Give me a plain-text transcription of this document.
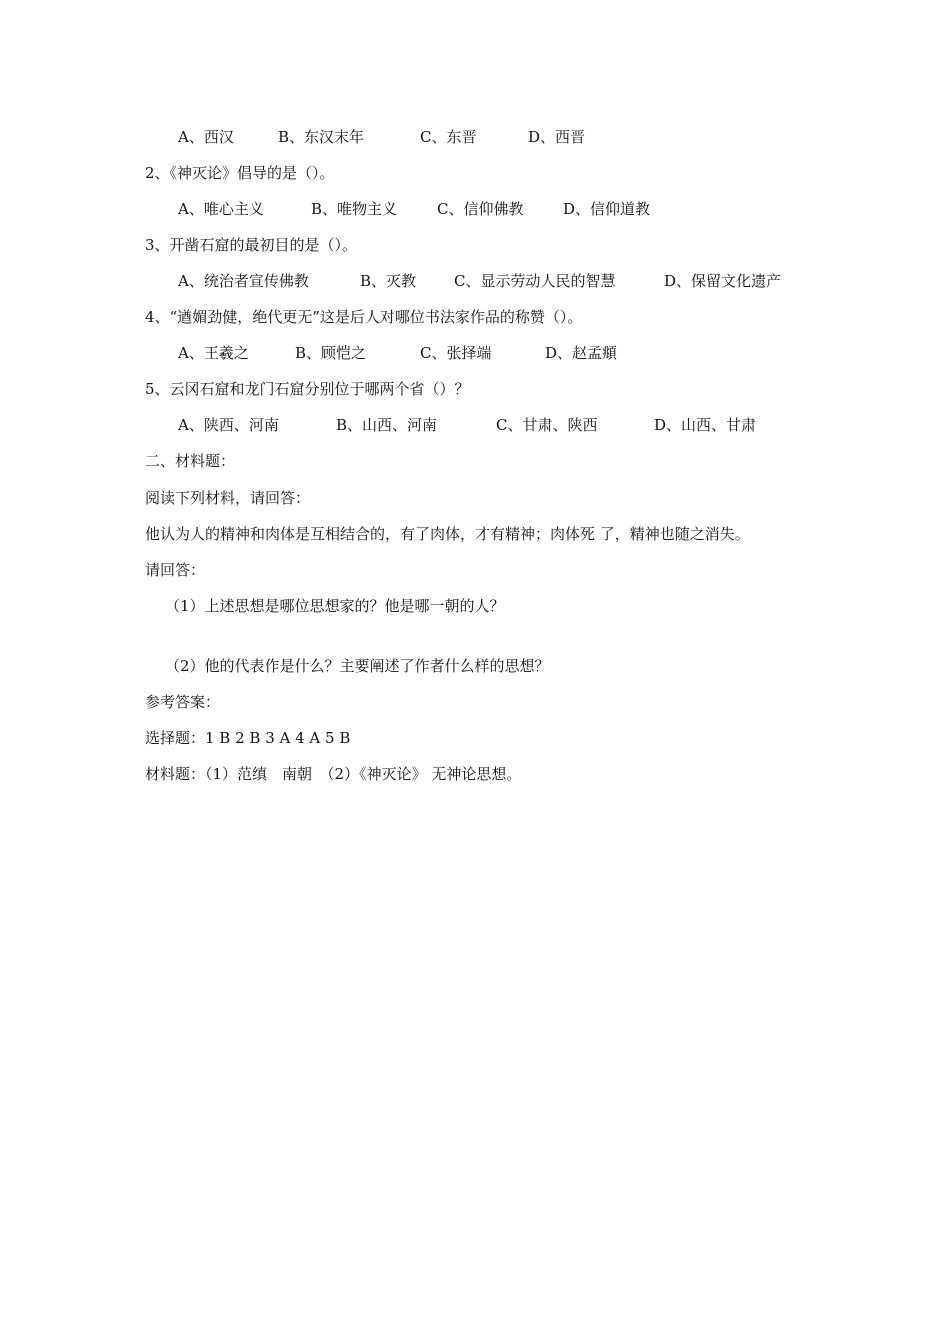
A、西汉	B、东汉末年	C、东晋	D、西晋
2、《神灭论》倡导的是（）。
A、唯心主义	B、唯物主义	C、信仰佛教	D、信仰道教
3、开凿石窟的最初目的是（）。
A、统治者宣传佛教	B、灭教	C、显示劳动人民的智慧	D、保留文化遗产
4、“遒媚劲健，绝代更无”这是后人对哪位书法家作品的称赞（）。
A、王羲之	B、顾恺之	C、张择端	D、赵孟頫
5、云冈石窟和龙门石窟分别位于哪两个省（）？
A、陕西、河南	B、山西、河南	C、甘肃、陕西	D、山西、甘肃
二、材料题：
阅读下列材料，请回答：
他认为人的精神和肉体是互相结合的，有了肉体，才有精神；肉体死 了，精神也随之消失。
请回答：
（1）上述思想是哪位思想家的？他是哪一朝的人？
（2）他的代表作是什么？主要阐述了作者什么样的思想？
参考答案：
选择题：1 B 2 B 3 A 4 A 5 B
材料题：（1）范缜　南朝　（2）《神灭论》 无神论思想。
